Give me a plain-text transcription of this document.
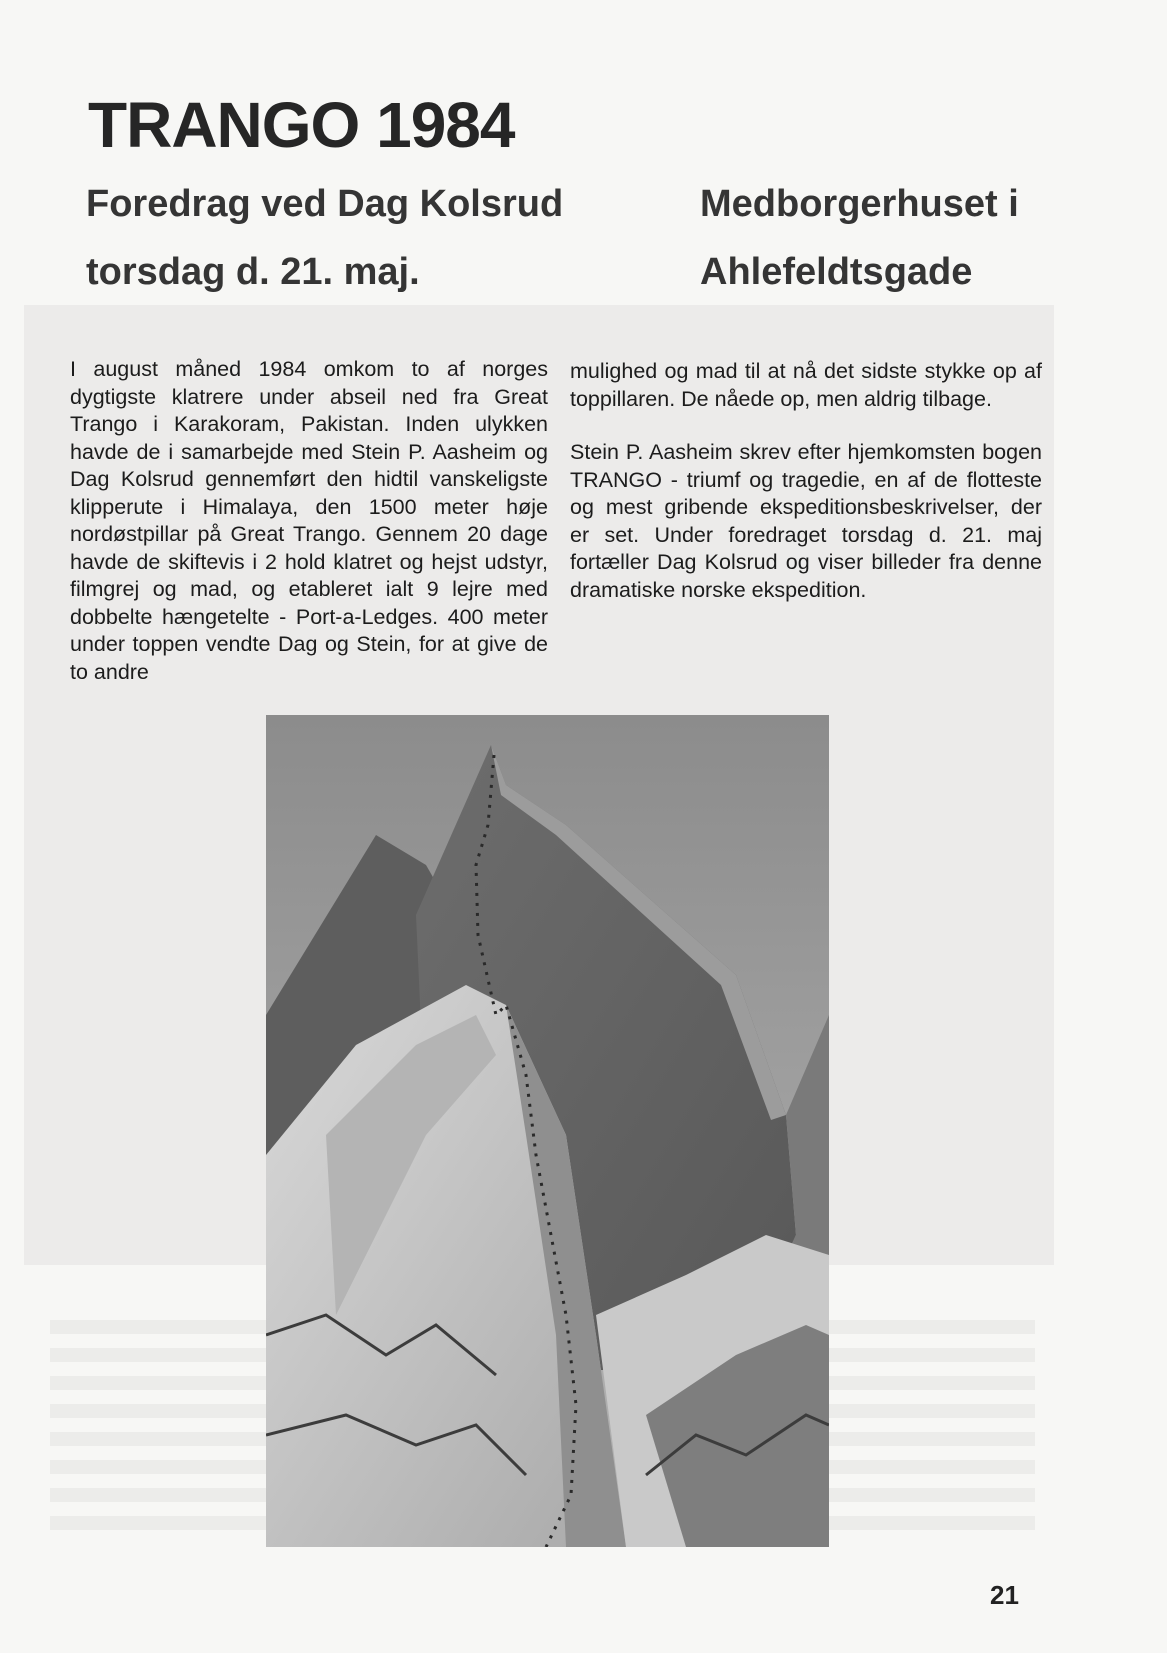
TRANGO 1984
Foredrag ved Dag Kolsrud
torsdag d. 21. maj.
Medborgerhuset i
Ahlefeldtsgade

I august måned 1984 omkom to af norges dygtigste klatrere under abseil ned fra Great Trango i Karakoram, Pakistan. Inden ulykken havde de i samarbejde med Stein P. Aasheim og Dag Kolsrud gennemført den hidtil vanskeligste klipperute i Himalaya, den 1500 meter høje nordøstpillar på Great Trango. Gennem 20 dage havde de skiftevis i 2 hold klatret og hejst udstyr, filmgrej og mad, og etableret ialt 9 lejre med dobbelte hængetelte - Port-a-Ledges. 400 meter under toppen vendte Dag og Stein, for at give de to andre

mulighed og mad til at nå det sidste stykke op af toppillaren. De nåede op, men aldrig tilbage.

Stein P. Aasheim skrev efter hjemkomsten bogen TRANGO - triumf og tragedie, en af de flotteste og mest gribende ekspeditionsbeskrivelser, der er set. Under foredraget torsdag d. 21. maj fortæller Dag Kolsrud og viser billeder fra denne dramatiske norske ekspedition.

21
